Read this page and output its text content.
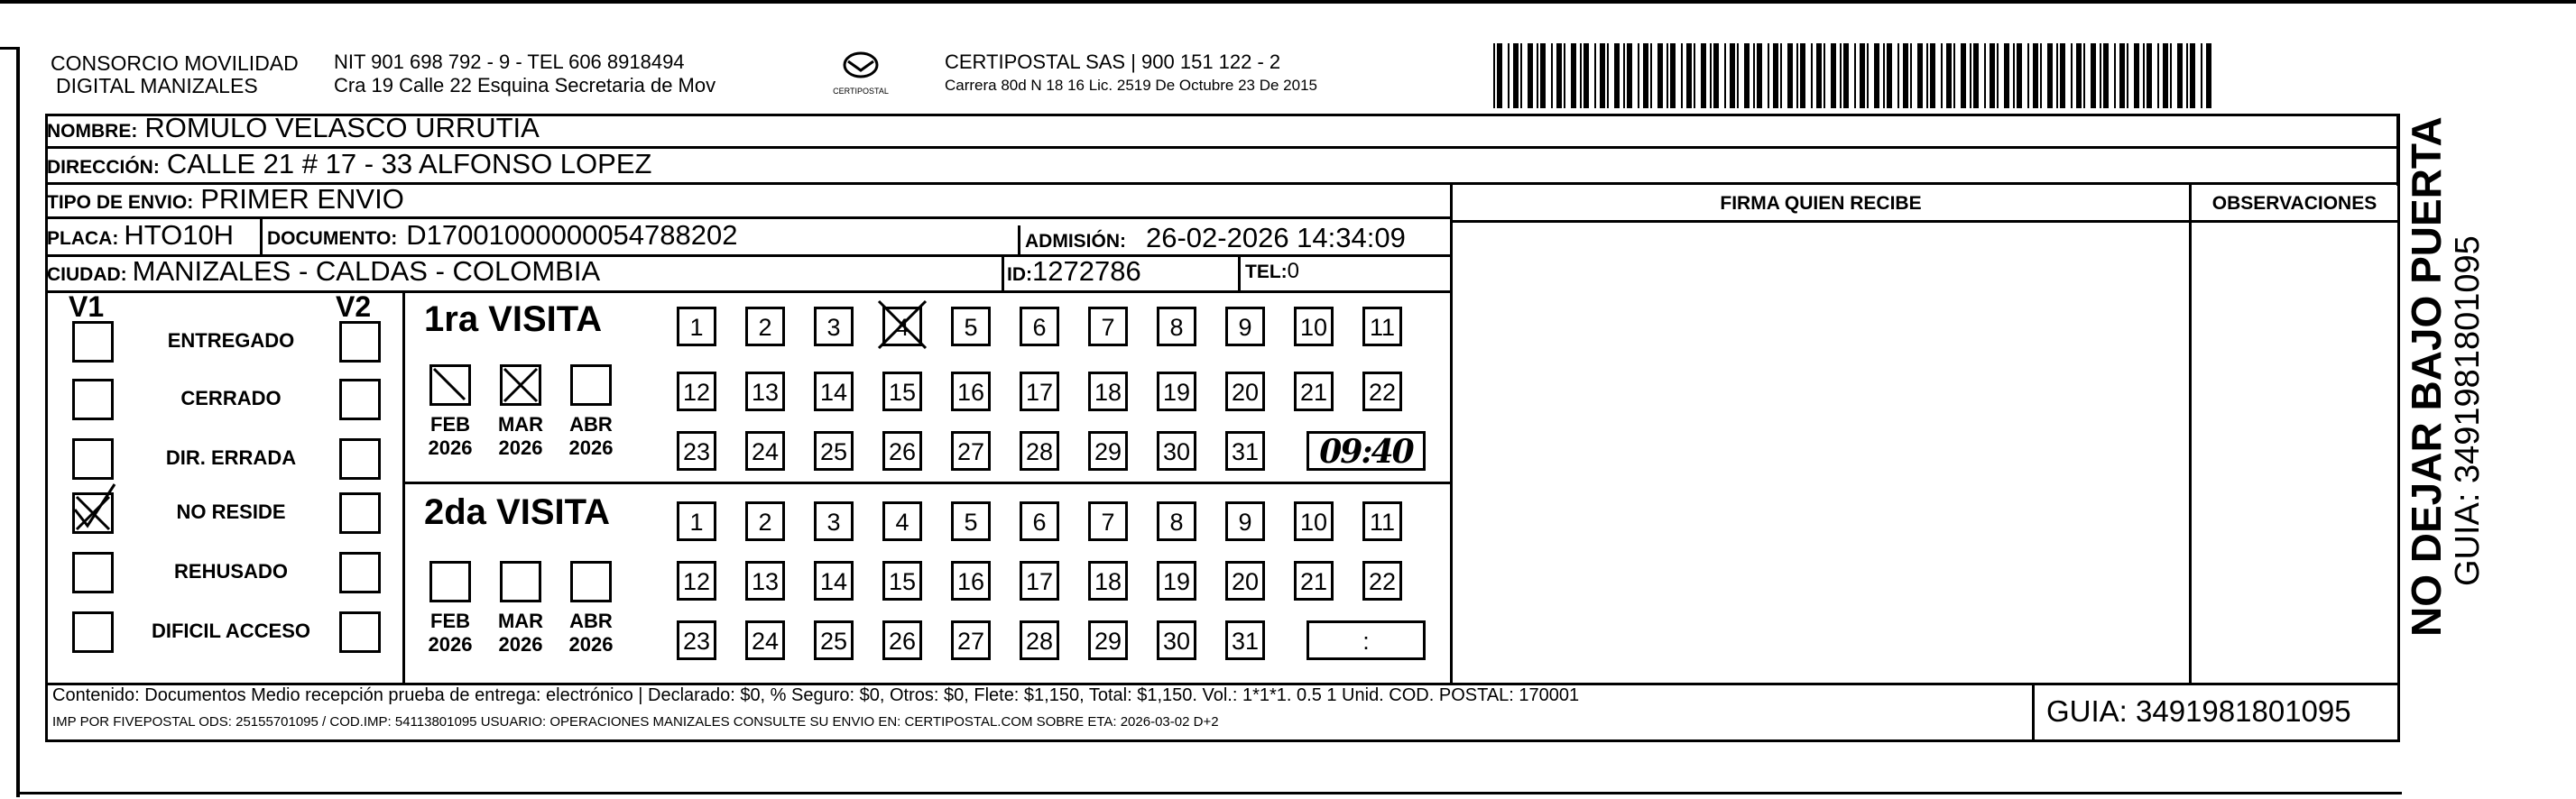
CONSORCIO MOVILIDAD
DIGITAL MANIZALES
NIT 901 698 792 - 9 - TEL 606 8918494
Cra 19 Calle 22 Esquina Secretaria de Mov	CERTIPOSTAL
CERTIPOSTAL SAS | 900 151 122 - 2
Carrera 80d N 18 16 Lic. 2519 De Octubre 23 De 2015
NOMBRE: ROMULO VELASCO URRUTIA
DIRECCIÓN: CALLE 21 # 17 - 33 ALFONSO LOPEZ
TIPO DE ENVIO: PRIMER ENVIO
PLACA: HTO10H DOCUMENTO: D17001000000054788202	ADMISIÓN: 26-02-2026 14:34:09
CIUDAD: MANIZALES - CALDAS - COLOMBIA	ID: 1272786	TEL: 0
FIRMA QUIEN RECIBE	OBSERVACIONES
V1	V2
ENTREGADO
CERRADO
DIR. ERRADA
NO RESIDE
REHUSADO
DIFICIL ACCESO
1ra VISITA
2da VISITA
FEB
2026
MAR
2026
ABR
2026
FEB
2026
MAR
2026
ABR
2026
1	2	3	4	5	6	7	8	9	10 11
12 13 14 15 16 17 18 19 20 21 22
23 24 25 26 27 28 29 30 31	09:40
1	2	3	4	5	6	7	8	9	10 11
12 13 14 15 16 17 18 19 20 21 22
23 24 25 26 27 28 29 30 31	:
Contenido: Documentos Medio recepción prueba de entrega: electrónico | Declarado: $0, % Seguro: $0, Otros: $0, Flete: $1,150, Total: $1,150. Vol.: 1*1*1. 0.5 1 Unid. COD. POSTAL: 170001
IMP POR FIVEPOSTAL ODS: 25155701095 / COD.IMP: 54113801095 USUARIO: OPERACIONES MANIZALES CONSULTE SU ENVIO EN: CERTIPOSTAL.COM SOBRE ETA: 2026-03-02 D+2	GUIA: 3491981801095
NO DEJAR BAJO PUERTA GUIA: 3491981801095
